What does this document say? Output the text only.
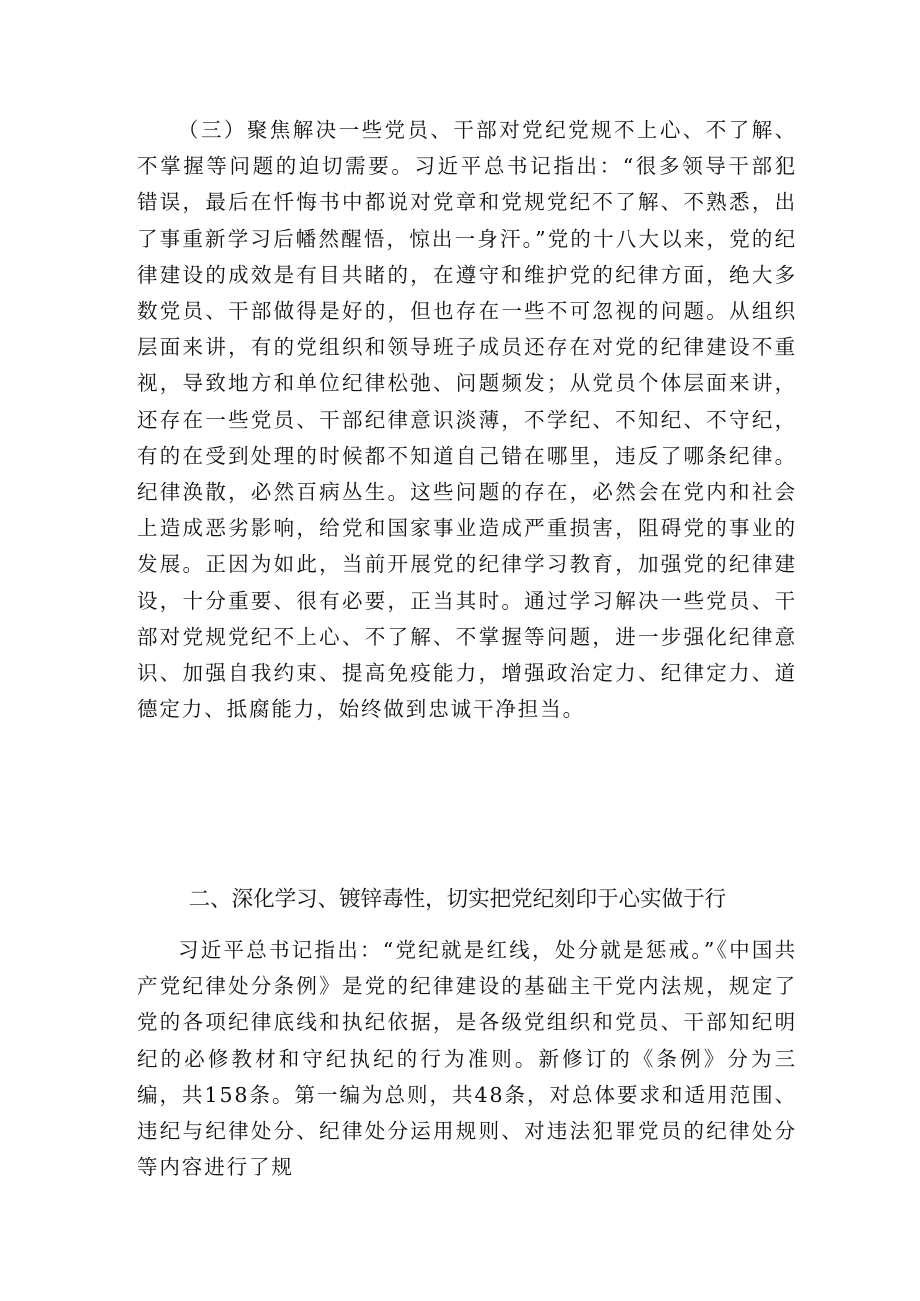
（三）聚焦解决一些党员、干部对党纪党规不上心、不了解、不掌握等问题的迫切需要。习近平总书记指出：“很多领导干部犯错误，最后在忏悔书中都说对党章和党规党纪不了解、不熟悉，出了事重新学习后幡然醒悟，惊出一身汗。”党的十八大以来，党的纪律建设的成效是有目共睹的，在遵守和维护党的纪律方面，绝大多数党员、干部做得是好的，但也存在一些不可忽视的问题。从组织层面来讲，有的党组织和领导班子成员还存在对党的纪律建设不重视，导致地方和单位纪律松弛、问题频发；从党员个体层面来讲，还存在一些党员、干部纪律意识淡薄，不学纪、不知纪、不守纪，有的在受到处理的时候都不知道自己错在哪里，违反了哪条纪律。纪律涣散，必然百病丛生。这些问题的存在，必然会在党内和社会上造成恶劣影响，给党和国家事业造成严重损害，阻碍党的事业的发展。正因为如此，当前开展党的纪律学习教育，加强党的纪律建设，十分重要、很有必要，正当其时。通过学习解决一些党员、干部对党规党纪不上心、不了解、不掌握等问题，进一步强化纪律意识、加强自我约束、提高免疫能力，增强政治定力、纪律定力、道德定力、抵腐能力，始终做到忠诚干净担当。

二、深化学习、镀锌毒性，切实把党纪刻印于心实做于行

习近平总书记指出：“党纪就是红线，处分就是惩戒。”《中国共产党纪律处分条例》是党的纪律建设的基础主干党内法规，规定了党的各项纪律底线和执纪依据，是各级党组织和党员、干部知纪明纪的必修教材和守纪执纪的行为准则。新修订的《条例》分为三编，共158条。第一编为总则，共48条，对总体要求和适用范围、违纪与纪律处分、纪律处分运用规则、对违法犯罪党员的纪律处分等内容进行了规
